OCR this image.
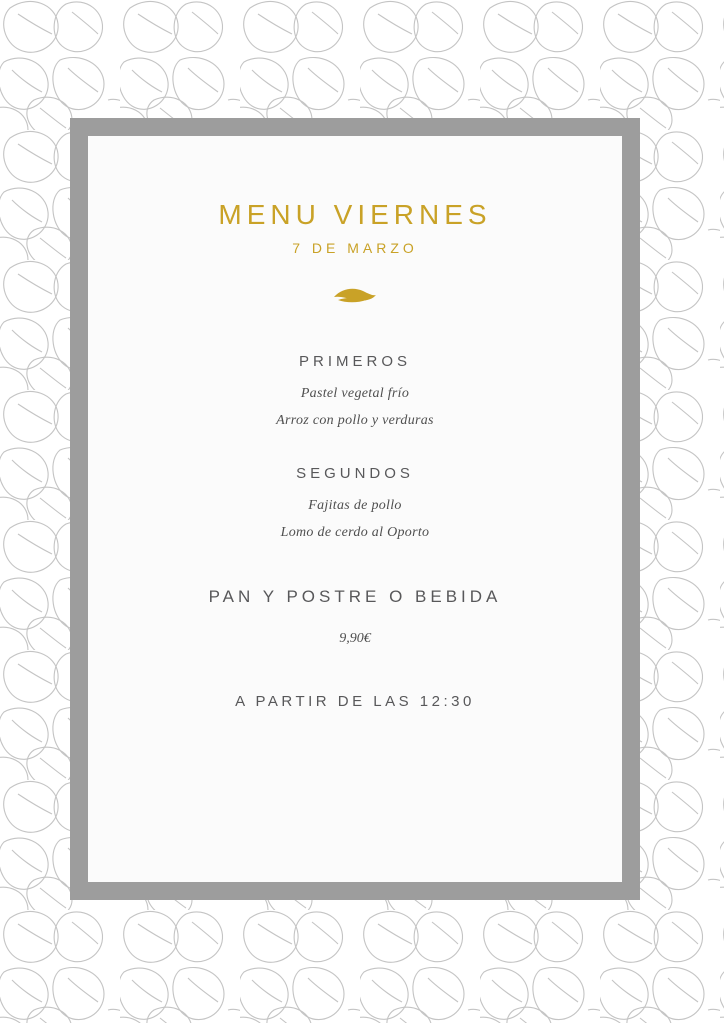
MENU VIERNES

7 DE MARZO

PRIMEROS

Pastel vegetal frío

Arroz con pollo y verduras

SEGUNDOS

Fajitas de pollo

Lomo de cerdo al Oporto

PAN Y POSTRE O BEBIDA

9,90€

A PARTIR DE LAS 12:30
